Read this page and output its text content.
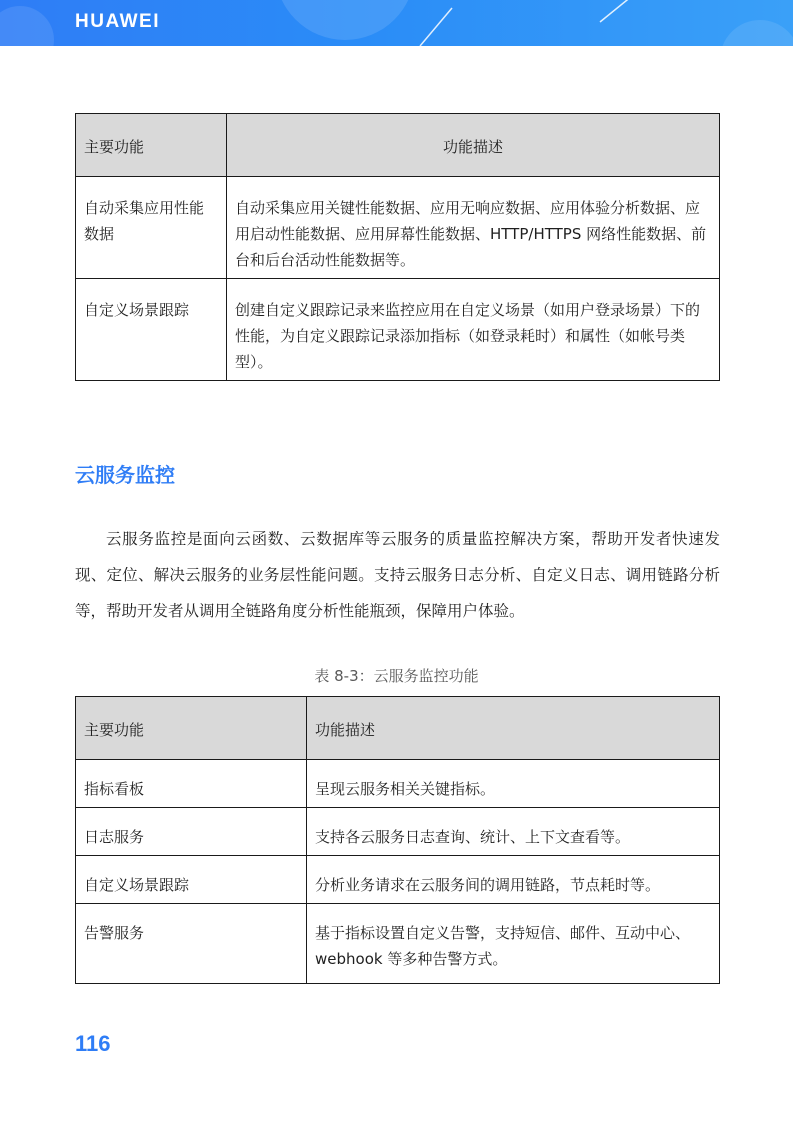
HUAWEI
主要功能	功能描述
自动采集应用性能数据	自动采集应用关键性能数据、应用无响应数据、应用体验分析数据、应用启动性能数据、应用屏幕性能数据、HTTP/HTTPS 网络性能数据、前台和后台活动性能数据等。
自定义场景跟踪	创建自定义跟踪记录来监控应用在自定义场景（如用户登录场景）下的性能，为自定义跟踪记录添加指标（如登录耗时）和属性（如帐号类型）。
云服务监控

云服务监控是面向云函数、云数据库等云服务的质量监控解决方案，帮助开发者快速发现、定位、解决云服务的业务层性能问题。支持云服务日志分析、自定义日志、调用链路分析等，帮助开发者从调用全链路角度分析性能瓶颈，保障用户体验。

表 8-3：云服务监控功能
主要功能	功能描述
指标看板	呈现云服务相关关键指标。
日志服务	支持各云服务日志查询、统计、上下文查看等。
自定义场景跟踪	分析业务请求在云服务间的调用链路，节点耗时等。
告警服务	基于指标设置自定义告警，支持短信、邮件、互动中心、webhook 等多种告警方式。
116
